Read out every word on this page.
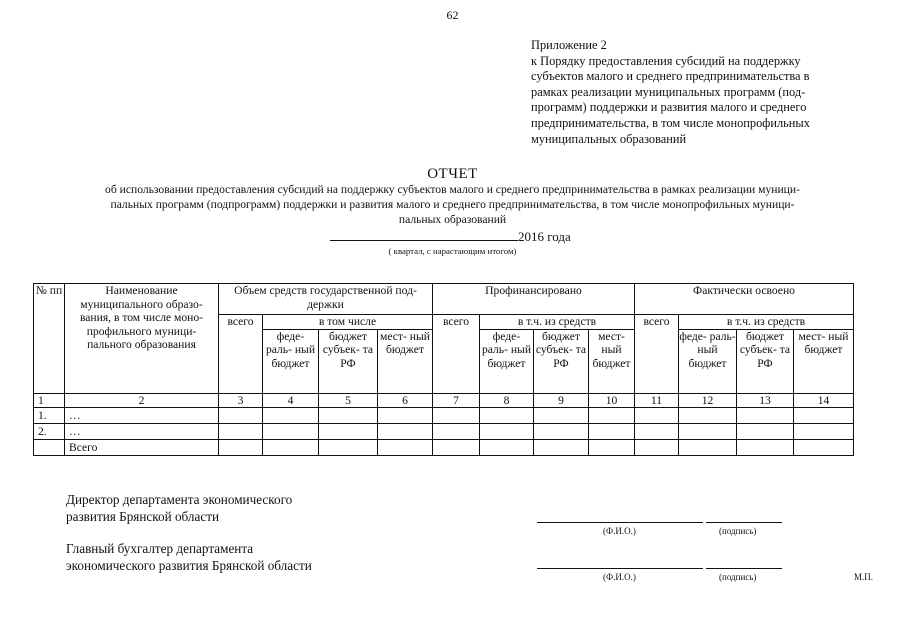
62
Приложение 2
к Порядку предоставления субсидий на поддержку
субъектов малого и среднего предпринимательства в
рамках реализации муниципальных программ (под-
программ) поддержки и развития малого и среднего
предпринимательства, в том числе монопрофильных
муниципальных образований
ОТЧЕТ
об использовании предоставления субсидий на поддержку субъектов малого и среднего предпринимательства в рамках реализации муници-
пальных программ (подпрограмм) поддержки и развития малого и среднего предпринимательства, в том числе монопрофильных муници-
пальных образований
2016 года
( квартал, с нарастающим итогом)
№ пп	Наименование муниципального образо- вания, в том числе моно- профильного муници- пального образования	Объем средств государственной под- держки				Профинансировано				Фактически освоено			
		всего	в том числе			всего	в т.ч. из средств			всего	в т.ч. из средств		
			феде- раль- ный бюджет	бюджет субъек- та РФ	мест- ный бюджет		феде- раль- ный бюджет	бюджет субъек- та РФ	мест- ный бюджет		феде- раль- ный бюджет	бюджет субъек- та РФ	мест- ный бюджет
1	2	3	4	5	6	7	8	9	10	11	12	13	14
1.	…												
2.	…												
	Всего												
Директор департамента экономического
развития Брянской области
(Ф.И.О.)	(подпись)
Главный бухгалтер департамента
экономического развития Брянской области
(Ф.И.О.)	(подпись)	М.П.
